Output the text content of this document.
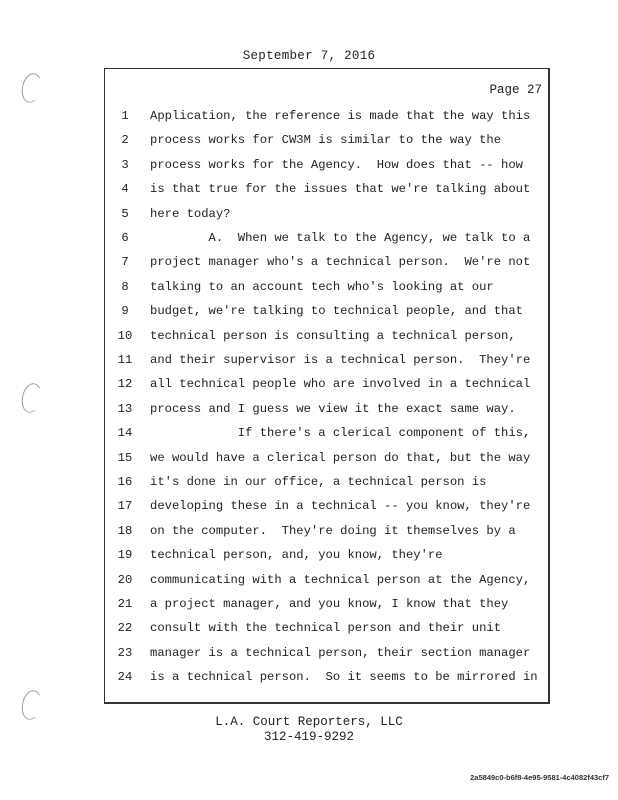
September 7, 2016
Page 27
1	Application, the reference is made that the way this
2	process works for CW3M is similar to the way the
3	process works for the Agency.  How does that -- how
4	is that true for the issues that we're talking about
5	here today?
6	A.  When we talk to the Agency, we talk to a
7	project manager who's a technical person.  We're not
8	talking to an account tech who's looking at our
9	budget, we're talking to technical people, and that
10	technical person is consulting a technical person,
11	and their supervisor is a technical person.  They're
12	all technical people who are involved in a technical
13	process and I guess we view it the exact same way.
14	If there's a clerical component of this,
15	we would have a clerical person do that, but the way
16	it's done in our office, a technical person is
17	developing these in a technical -- you know, they're
18	on the computer.  They're doing it themselves by a
19	technical person, and, you know, they're
20	communicating with a technical person at the Agency,
21	a project manager, and you know, I know that they
22	consult with the technical person and their unit
23	manager is a technical person, their section manager
24	is a technical person.  So it seems to be mirrored in
L.A. Court Reporters, LLC
312-419-9292
2a5849c0-b6f8-4e95-9581-4c4082f43cf7
